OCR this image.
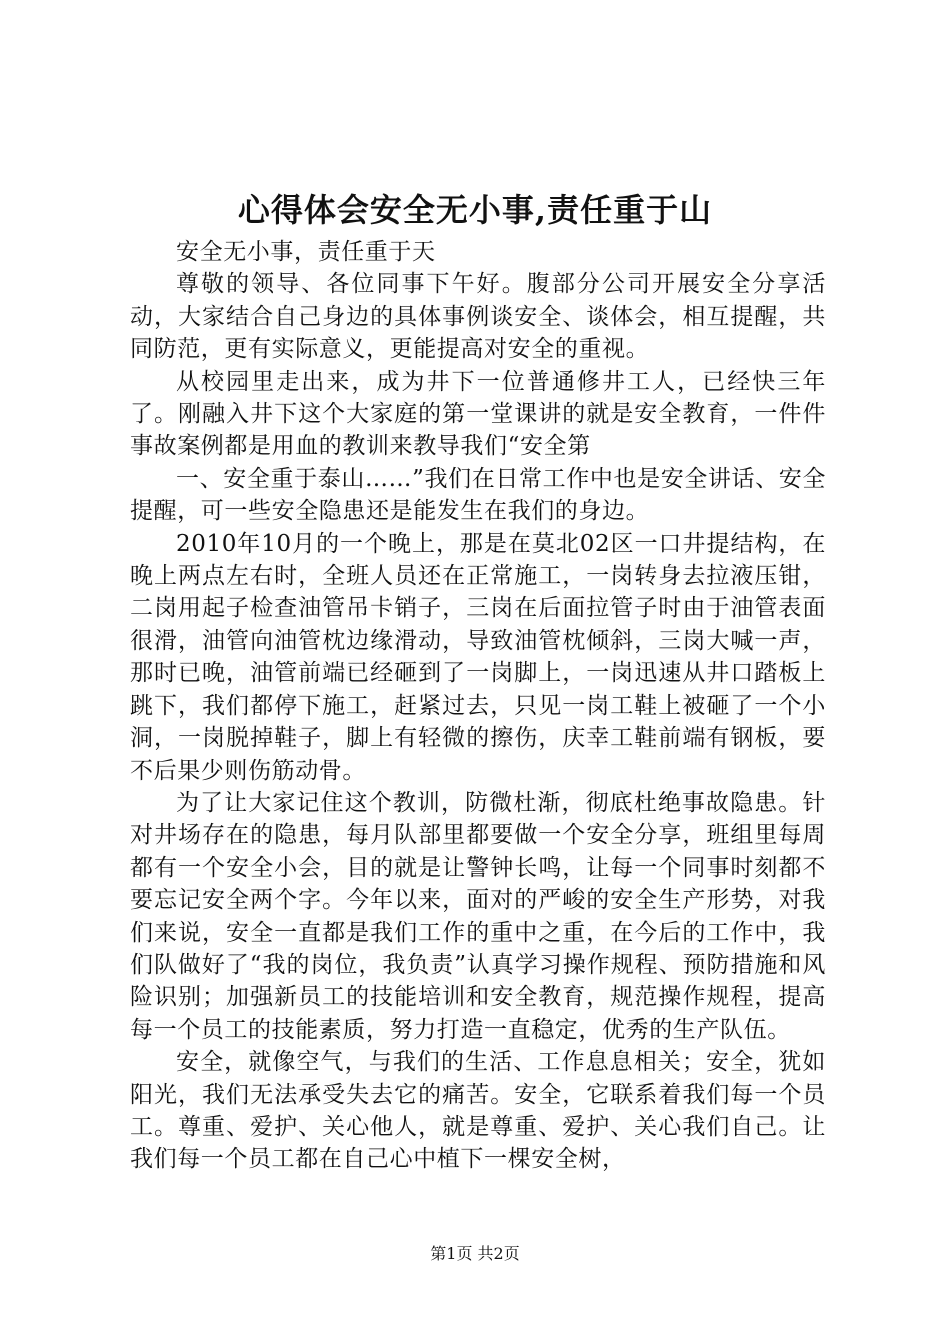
心得体会安全无小事,责任重于山

安全无小事，责任重于天

尊敬的领导、各位同事下午好。腹部分公司开展安全分享活动，大家结合自己身边的具体事例谈安全、谈体会，相互提醒，共同防范，更有实际意义，更能提高对安全的重视。

从校园里走出来，成为井下一位普通修井工人，已经快三年了。刚融入井下这个大家庭的第一堂课讲的就是安全教育，一件件事故案例都是用血的教训来教导我们“安全第

一、安全重于泰山……”我们在日常工作中也是安全讲话、安全提醒，可一些安全隐患还是能发生在我们的身边。

2010年10月的一个晚上，那是在莫北02区一口井提结构，在晚上两点左右时，全班人员还在正常施工，一岗转身去拉液压钳，二岗用起子检查油管吊卡销子，三岗在后面拉管子时由于油管表面很滑，油管向油管枕边缘滑动，导致油管枕倾斜，三岗大喊一声，那时已晚，油管前端已经砸到了一岗脚上，一岗迅速从井口踏板上跳下，我们都停下施工，赶紧过去，只见一岗工鞋上被砸了一个小洞，一岗脱掉鞋子，脚上有轻微的擦伤，庆幸工鞋前端有钢板，要不后果少则伤筋动骨。

为了让大家记住这个教训，防微杜渐，彻底杜绝事故隐患。针对井场存在的隐患，每月队部里都要做一个安全分享，班组里每周都有一个安全小会，目的就是让警钟长鸣，让每一个同事时刻都不要忘记安全两个字。今年以来，面对的严峻的安全生产形势，对我们来说，安全一直都是我们工作的重中之重，在今后的工作中，我们队做好了“我的岗位，我负责”认真学习操作规程、预防措施和风险识别；加强新员工的技能培训和安全教育，规范操作规程，提高每一个员工的技能素质，努力打造一直稳定，优秀的生产队伍。

安全，就像空气，与我们的生活、工作息息相关；安全，犹如阳光，我们无法承受失去它的痛苦。安全，它联系着我们每一个员工。尊重、爱护、关心他人，就是尊重、爱护、关心我们自己。让我们每一个员工都在自己心中植下一棵安全树，

第1页 共2页
